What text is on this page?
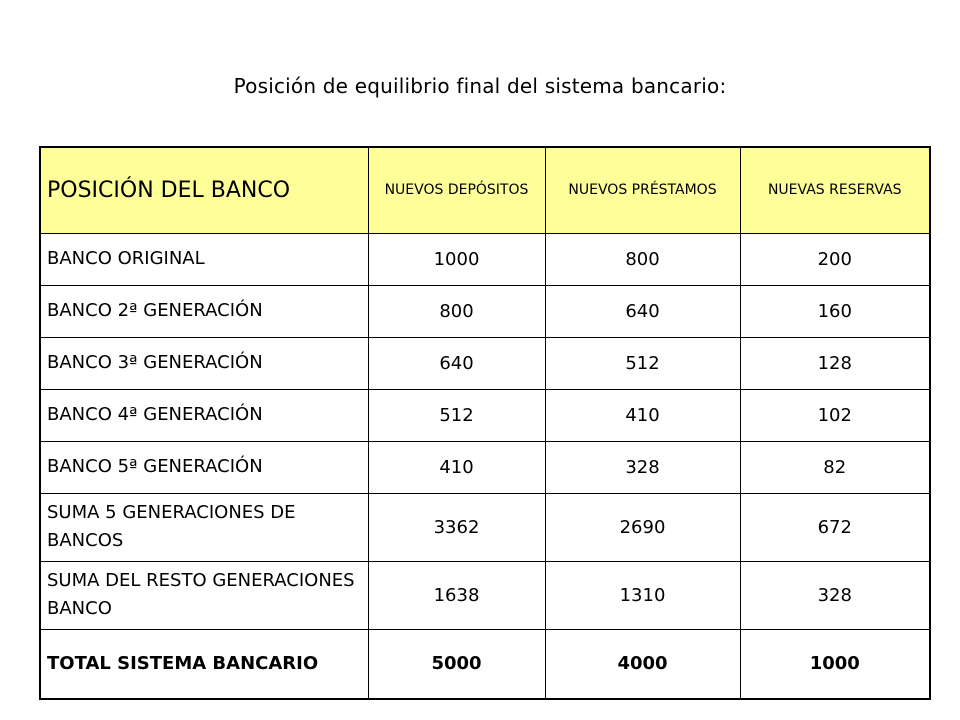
Posición de equilibrio final del sistema bancario:
POSICIÓN DEL BANCO	NUEVOS DEPÓSITOS	NUEVOS PRÉSTAMOS	NUEVAS RESERVAS
BANCO ORIGINAL	1000	800	200
BANCO 2ª GENERACIÓN	800	640	160
BANCO 3ª GENERACIÓN	640	512	128
BANCO 4ª GENERACIÓN	512	410	102
BANCO 5ª GENERACIÓN	410	328	82
SUMA 5 GENERACIONES DE BANCOS	3362	2690	672
SUMA DEL RESTO GENERACIONES BANCO	1638	1310	328
TOTAL SISTEMA BANCARIO	5000	4000	1000
